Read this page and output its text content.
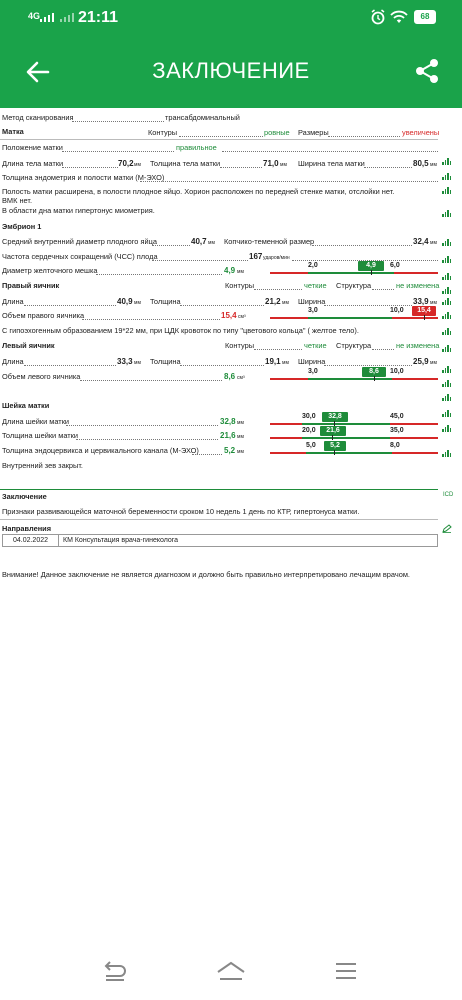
4G 21:11	68
ЗАКЛЮЧЕНИЕ
Метод сканирования	трансабдоминальный
Матка	Контуры	ровные Размеры	увеличены
Положение матки	правильное
Длина тела матки	70,2 мм Толщина тела матки	71,0 мм Ширина тела матки	80,5 мм
Толщина эндометрия и полости матки (М-ЭХО)
Полость матки расширена, в полости плодное яйцо. Хорион расположен по передней стенке матки, отслойки нет.
ВМК нет.
В области дна матки гипертонус миометрия.
Эмбрион 1
Средний внутренний диаметр плодного яйца	40,7 мм Копчико-теменной размер	32,4 мм
Частота сердечных сокращений (ЧСС) плода	167 ударов/мин
Диаметр желточного мешка	4,9 мм
2,0	4,9	6,0
Правый яичник	Контуры	четкие Структура	не изменена
Длина	40,9 мм Толщина	21,2 мм Ширина	33,9 мм
Объем правого яичника	15,4 см³
3,0	10,0	15,4
С гипоэхогенным образованием 19*22 мм, при ЦДК кровоток по типу "цветового кольца" ( желтое тело).
Левый яичник	Контуры	четкие Структура	не изменена
Длина	33,3 мм Толщина	19,1 мм Ширина	25,9 мм
Объем левого яичника	8,6 см³
3,0	8,6	10,0
Шейка матки
Длина шейки матки	32,8 мм
30,0	32,8	45,0
Толщина шейки матки	21,6 мм
20,0	21,6	35,0
Толщина эндоцервикса и цервикального канала (М-ЭХО)	5,2 мм
5,0	5,2	8,0
Внутренний зев закрыт.
Заключение	ICD
Признаки развивающейся маточной беременности сроком 10 недель 1 день по КТР, гипертонуса матки.
Направления
04.02.2022	КМ Консультация врача-гинеколога
Внимание! Данное заключение не является диагнозом и должно быть правильно интерпретировано лечащим врачом.
